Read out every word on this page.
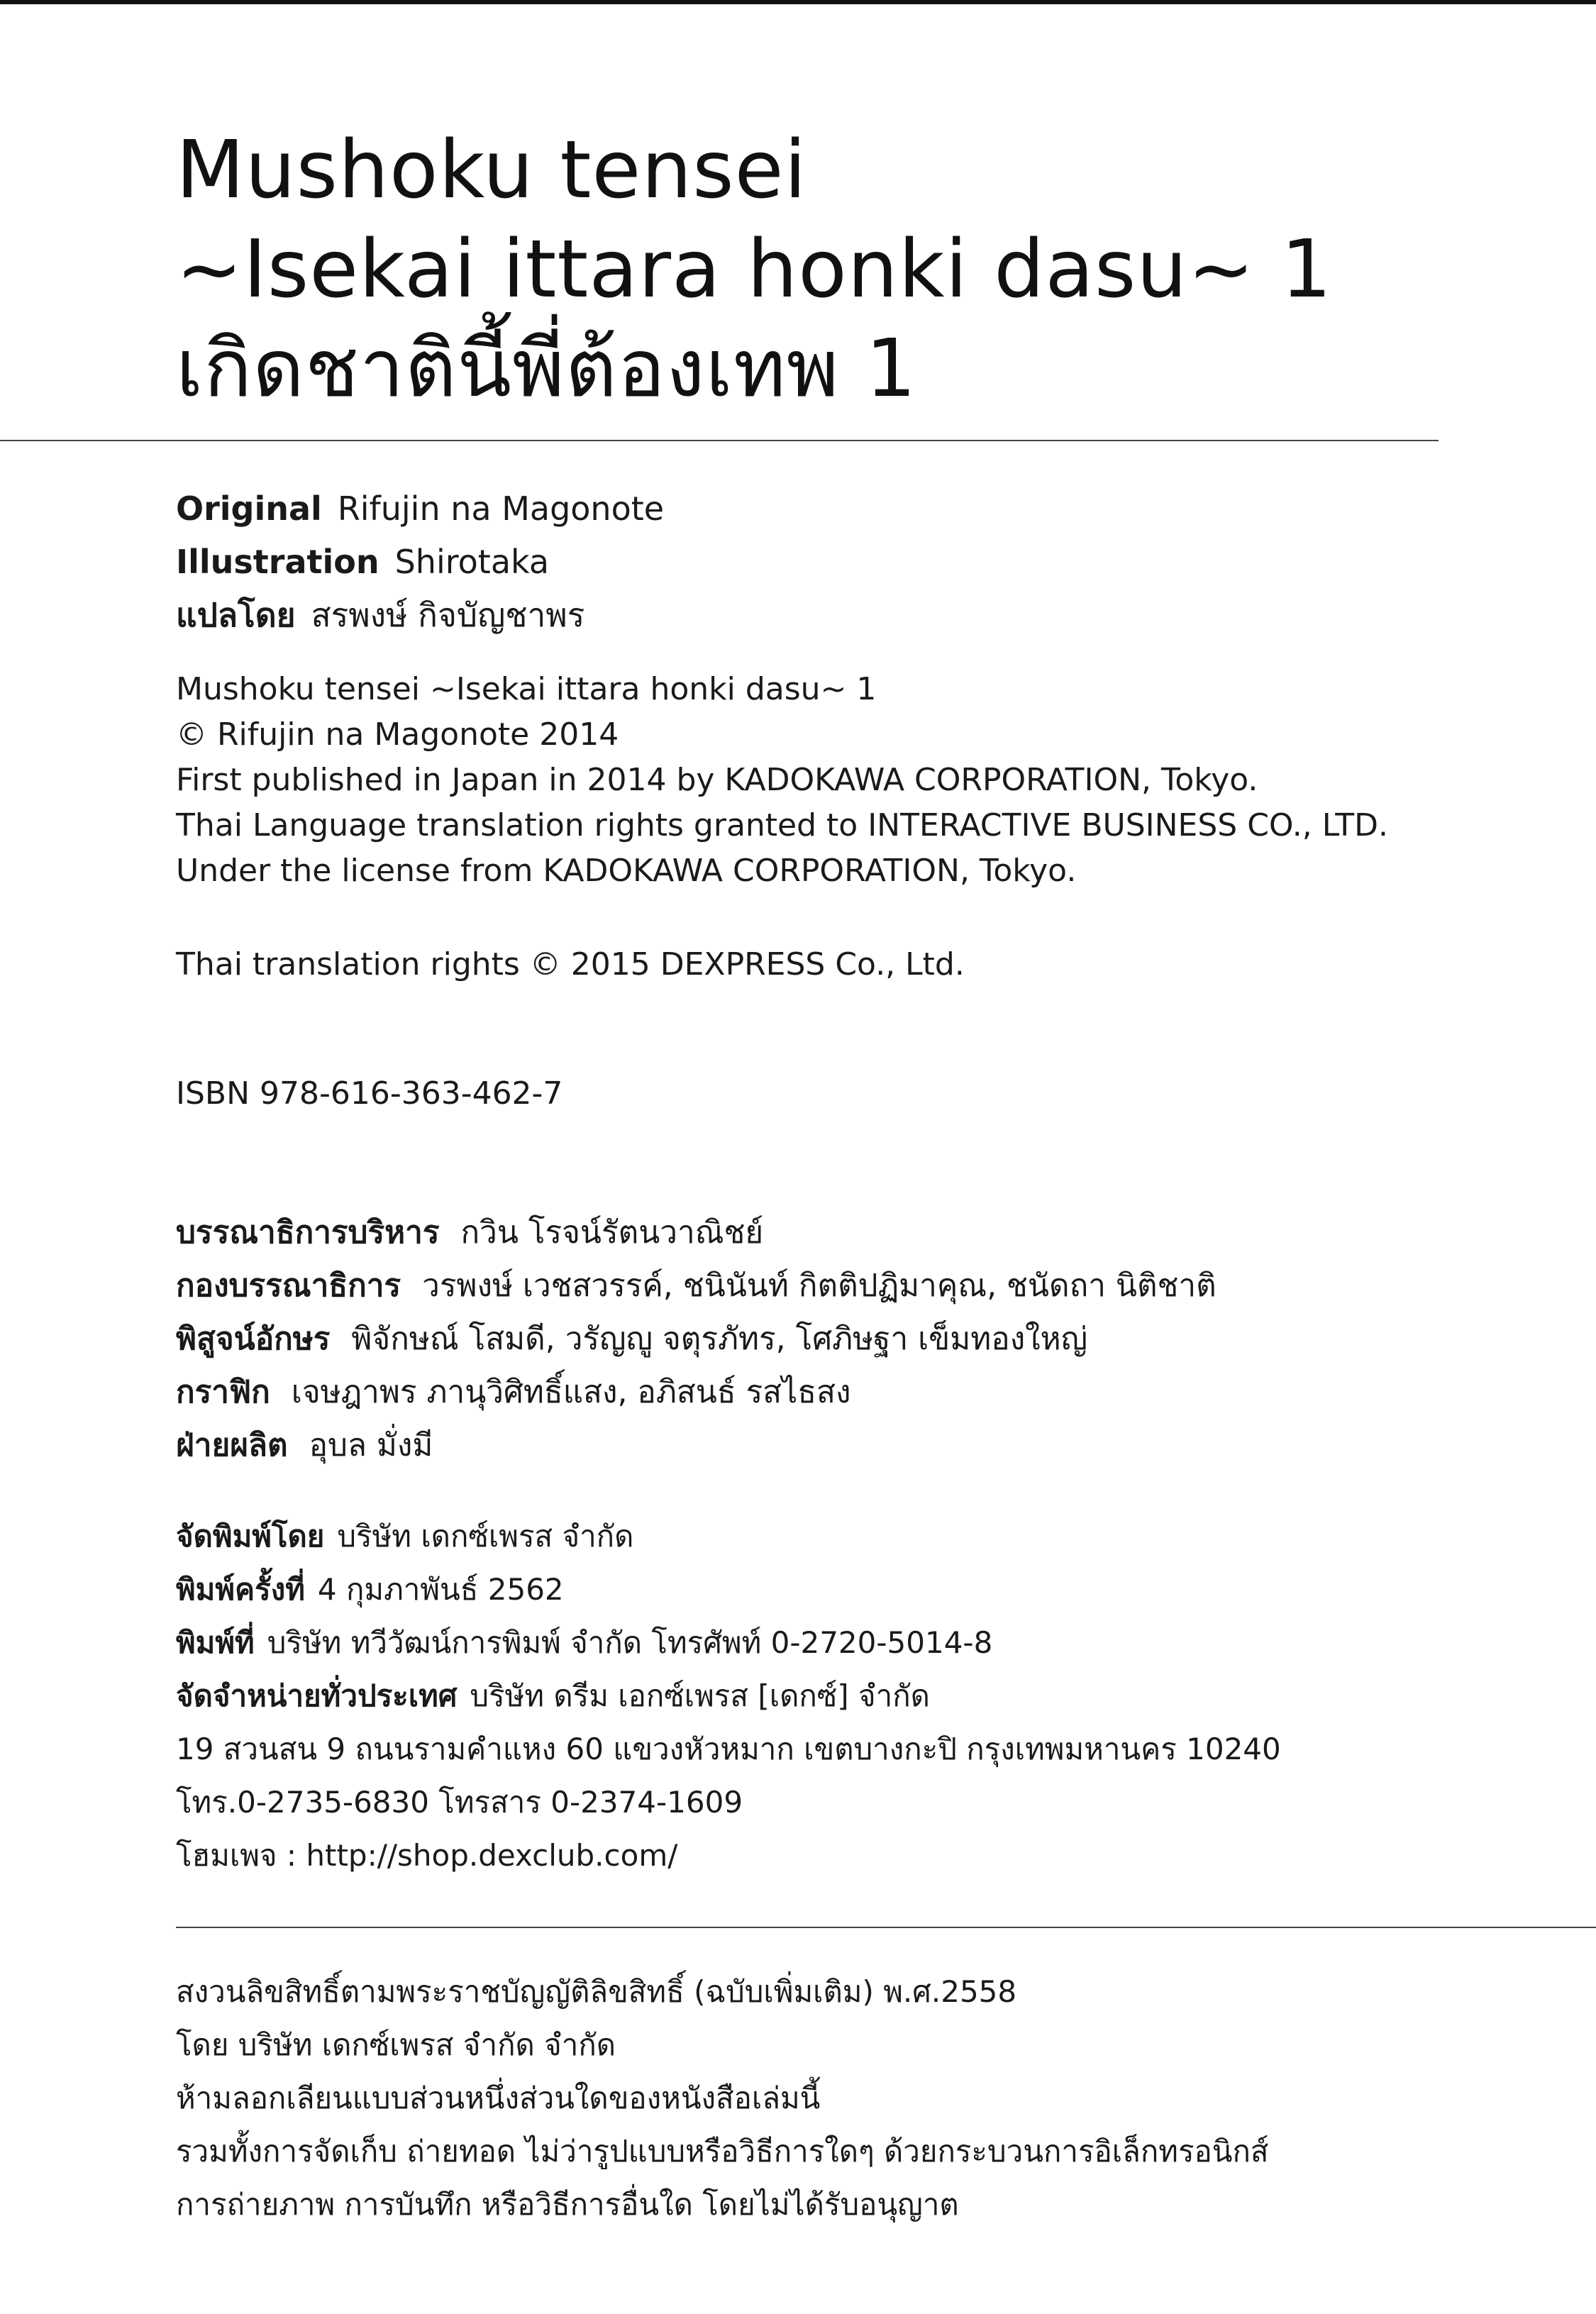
Mushoku tensei
~Isekai ittara honki dasu~ 1
เกิดชาตินี้พี่ต้องเทพ 1
Original Rifujin na Magonote
Illustration Shirotaka
แปลโดย สรพงษ์ กิจบัญชาพร
Mushoku tensei ~Isekai ittara honki dasu~ 1
© Rifujin na Magonote 2014
First published in Japan in 2014 by KADOKAWA CORPORATION, Tokyo.
Thai Language translation rights granted to INTERACTIVE BUSINESS CO., LTD.
Under the license from KADOKAWA CORPORATION, Tokyo.
Thai translation rights © 2015 DEXPRESS Co., Ltd.
ISBN 978-616-363-462-7
บรรณาธิการบริหาร กวิน โรจน์รัตนวาณิชย์
กองบรรณาธิการ วรพงษ์ เวชสวรรค์, ชนินันท์ กิตติปฏิมาคุณ, ชนัดถา นิติชาติ
พิสูจน์อักษร พิจักษณ์ โสมดี, วรัญญู จตุรภัทร, โศภิษฐา เข็มทองใหญ่
กราฟิก เจษฎาพร ภานุวิศิทธิ์แสง, อภิสนธ์ รสไธสง
ฝ่ายผลิต อุบล มั่งมี
จัดพิมพ์โดย บริษัท เดกซ์เพรส จำกัด
พิมพ์ครั้งที่ 4 กุมภาพันธ์ 2562
พิมพ์ที่ บริษัท ทวีวัฒน์การพิมพ์ จำกัด โทรศัพท์ 0-2720-5014-8
จัดจำหน่ายทั่วประเทศ บริษัท ดรีม เอกซ์เพรส [เดกซ์] จำกัด
19 สวนสน 9 ถนนรามคำแหง 60 แขวงหัวหมาก เขตบางกะปิ กรุงเทพมหานคร 10240
โทร.0-2735-6830 โทรสาร 0-2374-1609
โฮมเพจ : http://shop.dexclub.com/
สงวนลิขสิทธิ์ตามพระราชบัญญัติลิขสิทธิ์ (ฉบับเพิ่มเติม) พ.ศ.2558
โดย บริษัท เดกซ์เพรส จำกัด จำกัด
ห้ามลอกเลียนแบบส่วนหนึ่งส่วนใดของหนังสือเล่มนี้
รวมทั้งการจัดเก็บ ถ่ายทอด ไม่ว่ารูปแบบหรือวิธีการใดๆ ด้วยกระบวนการอิเล็กทรอนิกส์
การถ่ายภาพ การบันทึก หรือวิธีการอื่นใด โดยไม่ได้รับอนุญาต
